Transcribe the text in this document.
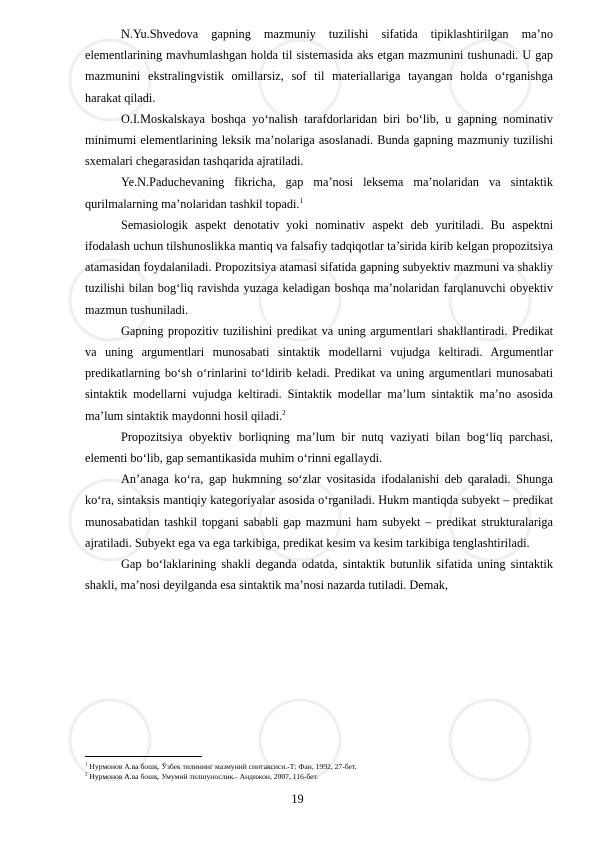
N.Yu.Shvedova gapning mazmuniy tuzilishi sifatida tipiklashtirilgan ma’no elementlarining mavhumlashgan holda til sistemasida aks etgan mazmunini tushunadi. U gap mazmunini ekstralingvistik omillarsiz, sof til materiallariga tayangan holda o‘rganishga harakat qiladi.

O.I.Moskalskaya boshqa yo‘nalish tarafdorlaridan biri bo‘lib, u gapning nominativ minimumi elementlarining leksik ma’nolariga asoslanadi. Bunda gapning mazmuniy tuzilishi sxemalari chegarasidan tashqarida ajratiladi.

Ye.N.Paduchevaning fikricha, gap ma’nosi leksema ma’nolaridan va sintaktik qurilmalarning ma’nolaridan tashkil topadi.$^1$

Semasiologik aspekt denotativ yoki nominativ aspekt deb yuritiladi. Bu aspektni ifodalash uchun tilshunoslikka mantiq va falsafiy tadqiqotlar ta’sirida kirib kelgan propozitsiya atamasidan foydalaniladi. Propozitsiya atamasi sifatida gapning subyektiv mazmuni va shakliy tuzilishi bilan bog‘liq ravishda yuzaga keladigan boshqa ma’nolaridan farqlanuvchi obyektiv mazmun tushuniladi.

Gapning propozitiv tuzilishini predikat va uning argumentlari shakllantiradi. Predikat va uning argumentlari munosabati sintaktik modellarni vujudga keltiradi. Argumentlar predikatlarning bo‘sh o‘rinlarini to‘ldirib keladi. Predikat va uning argumentlari munosabati sintaktik modellarni vujudga keltiradi. Sintaktik modellar ma’lum sintaktik ma’no asosida ma’lum sintaktik maydonni hosil qiladi.$^2$

Propozitsiya obyektiv borliqning ma’lum bir nutq vaziyati bilan bog‘liq parchasi, elementi bo‘lib, gap semantikasida muhim o‘rinni egallaydi.

An’anaga ko‘ra, gap hukmning so‘zlar vositasida ifodalanishi deb qaraladi. Shunga ko‘ra, sintaksis mantiqiy kategoriyalar asosida o‘rganiladi. Hukm mantiqda subyekt – predikat munosabatidan tashkil topgani sababli gap mazmuni ham subyekt – predikat strukturalariga ajratiladi. Subyekt ega va ega tarkibiga, predikat kesim va kesim tarkibiga tenglashtiriladi.

Gap bo‘laklarining shakli deganda odatda, sintaktik butunlik sifatida uning sintaktik shakli, ma’nosi deyilganda esa sintaktik ma’nosi nazarda tutiladi. Demak,

$^1$ Нурмонов А.ва бошқ. Ўзбек тилининг мазмуний синтаксиси.-Т: Фан, 1992, 27-бет.

$^2$ Нурмонов А.ва бошқ. Умумий тилшунослик.- Андижон, 2007, 116-бет.

19
